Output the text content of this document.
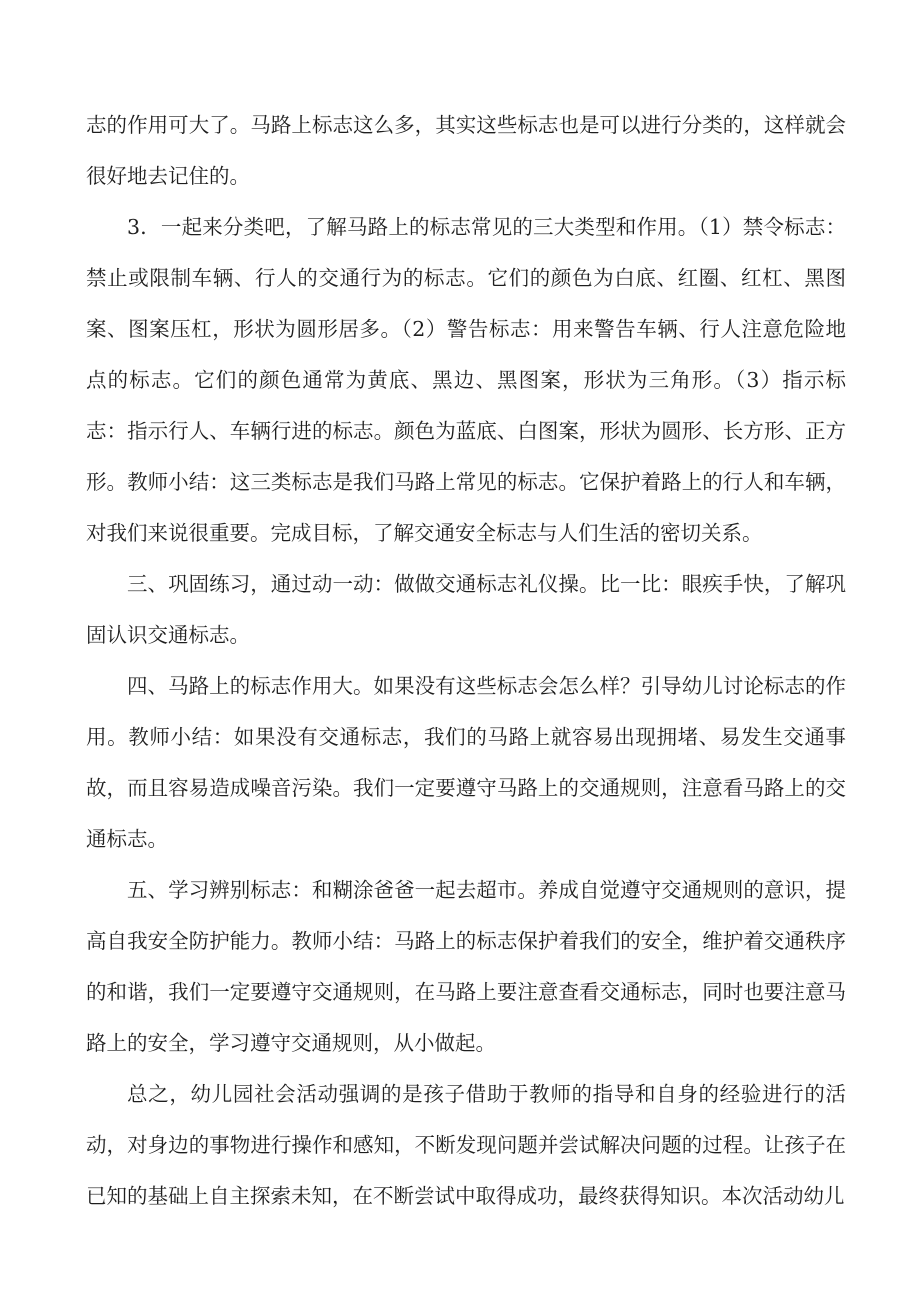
志的作用可大了。马路上标志这么多，其实这些标志也是可以进行分类的，这样就会很好地去记住的。

3．一起来分类吧，了解马路上的标志常见的三大类型和作用。（1）禁令标志：禁止或限制车辆、行人的交通行为的标志。它们的颜色为白底、红圈、红杠、黑图案、图案压杠，形状为圆形居多。（2）警告标志：用来警告车辆、行人注意危险地点的标志。它们的颜色通常为黄底、黑边、黑图案，形状为三角形。（3）指示标志：指示行人、车辆行进的标志。颜色为蓝底、白图案，形状为圆形、长方形、正方形。教师小结：这三类标志是我们马路上常见的标志。它保护着路上的行人和车辆，对我们来说很重要。完成目标，了解交通安全标志与人们生活的密切关系。

三、巩固练习，通过动一动：做做交通标志礼仪操。比一比：眼疾手快，了解巩固认识交通标志。

四、马路上的标志作用大。如果没有这些标志会怎么样？引导幼儿讨论标志的作用。教师小结：如果没有交通标志，我们的马路上就容易出现拥堵、易发生交通事故，而且容易造成噪音污染。我们一定要遵守马路上的交通规则，注意看马路上的交通标志。

五、学习辨别标志：和糊涂爸爸一起去超市。养成自觉遵守交通规则的意识，提高自我安全防护能力。教师小结：马路上的标志保护着我们的安全，维护着交通秩序的和谐，我们一定要遵守交通规则，在马路上要注意查看交通标志，同时也要注意马路上的安全，学习遵守交通规则，从小做起。

总之，幼儿园社会活动强调的是孩子借助于教师的指导和自身的经验进行的活动，对身边的事物进行操作和感知，不断发现问题并尝试解决问题的过程。让孩子在已知的基础上自主探索未知，在不断尝试中取得成功，最终获得知识。本次活动幼儿
